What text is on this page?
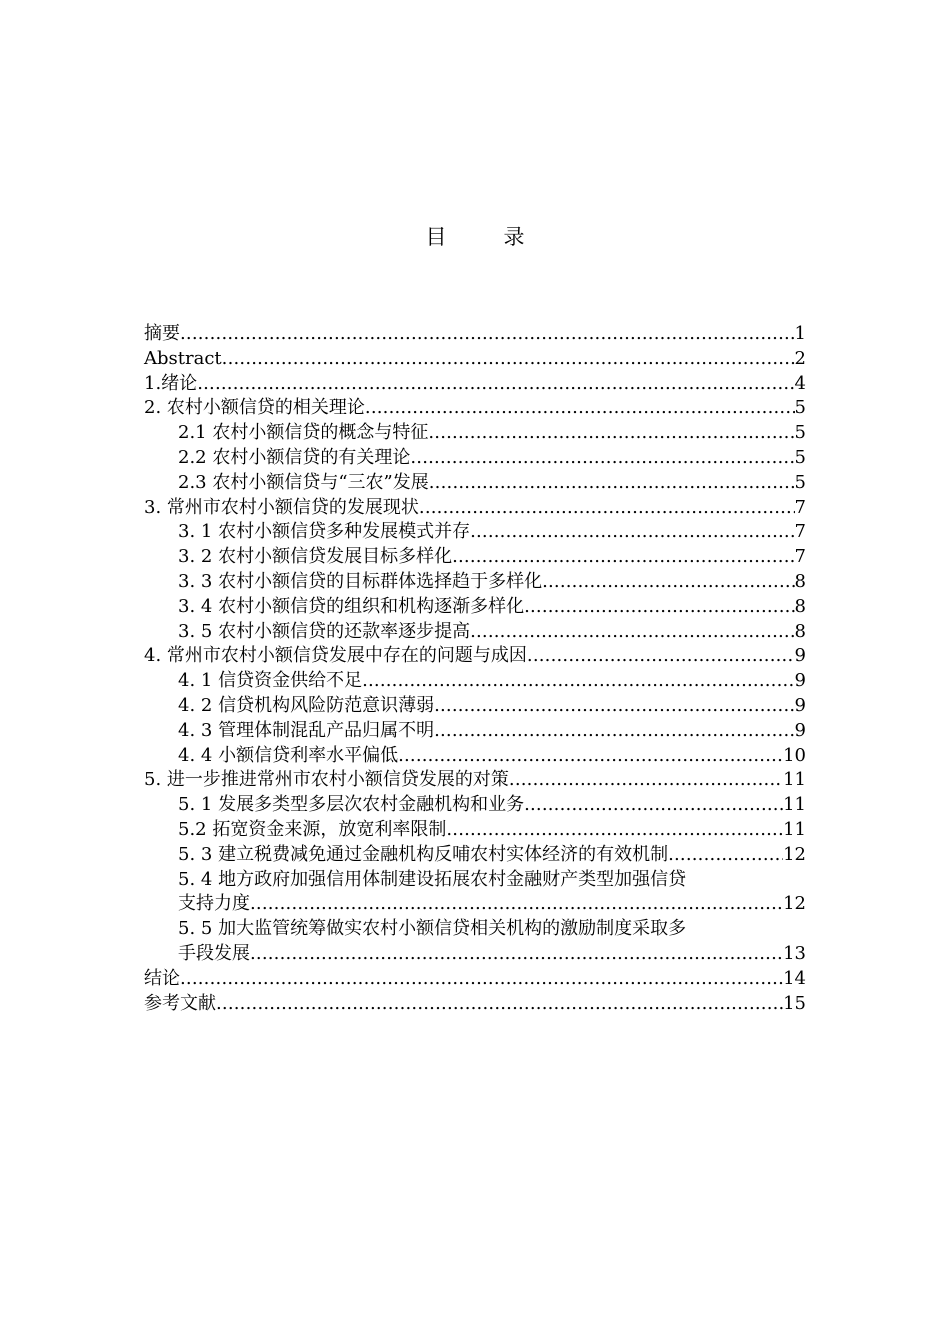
目　录
摘要 .....	1
Abstract .....	2
1.绪论 .....	4
2. 农村小额信贷的相关理论 .....	5
2.1 农村小额信贷的概念与特征 .....	5
2.2 农村小额信贷的有关理论 .....	5
2.3 农村小额信贷与“三农”发展 .....	5
3. 常州市农村小额信贷的发展现状 .....	7
3. 1 农村小额信贷多种发展模式并存 .....	7
3. 2 农村小额信贷发展目标多样化 .....	7
3. 3 农村小额信贷的目标群体选择趋于多样化 .....	8
3. 4 农村小额信贷的组织和机构逐渐多样化 .....	8
3. 5 农村小额信贷的还款率逐步提高 .....	8
4. 常州市农村小额信贷发展中存在的问题与成因 .....	9
4. 1 信贷资金供给不足 .....	9
4. 2 信贷机构风险防范意识薄弱 .....	9
4. 3 管理体制混乱产品归属不明 .....	9
4. 4 小额信贷利率水平偏低 .....	10
5. 进一步推进常州市农村小额信贷发展的对策 .....	11
5. 1 发展多类型多层次农村金融机构和业务 .....	11
5.2 拓宽资金来源，放宽利率限制 .....	11
5. 3 建立税费减免通过金融机构反哺农村实体经济的有效机制 .....	12
5. 4 地方政府加强信用体制建设拓展农村金融财产类型加强信贷
支持力度 .....	12
5. 5 加大监管统筹做实农村小额信贷相关机构的激励制度采取多
手段发展 .....	13
结论 .....	14
参考文献 .....	15
